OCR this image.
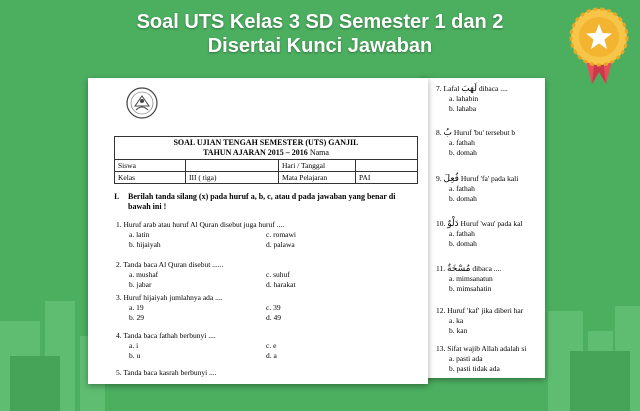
Soal UTS Kelas 3 SD Semester 1 dan 2
Disertai Kunci Jawaban
7. Lafal لَهَبَ dibaca ....
a. lahabin
b. lahaba
8. بُ Huruf 'bu' tersebut b
a. fathah
b. domah
9. فُعِلَ Huruf 'fa' pada kali
a. fathah
b. domah
10. دَلْوٌ Huruf 'wau' pada kal
a. fathah
b. domah
11. مُسْخَةٌ dibaca ....
a. mimsanatun
b. mimsahatin
12. Huruf 'kaf' jika diberi har
a. ka
b. kan
13. Sifat wajib Allah adalah si
a. pasti ada
b. pasti tidak ada
SOAL UJIAN TENGAH SEMESTER (UTS) GANJIL
TAHUN AJARAN 2015 – 2016 Nama			

Siswa		Hari / Tanggal	
Kelas	III ( tiga)	Mata Pelajaran	PAI
I. Berilah tanda silang (x) pada huruf a, b, c, atau d pada jawaban yang benar di bawah ini !
1. Huruf arab atau huruf Al Quran disebut juga huruf ....
a. latin
b. hijaiyah
c. romawi
d. palawa
2. Tanda baca Al Quran disebut ......
a. mushaf
b. jabar
c. suhuf
d. harakat
3. Huruf hijaiyah jumlahnya ada ....
a. 19
b. 29
c. 39
d. 49
4. Tanda baca fathah berbunyi ....
a. i
b. u
c. e
d. a
5. Tanda baca kasrah berbunyi ....
